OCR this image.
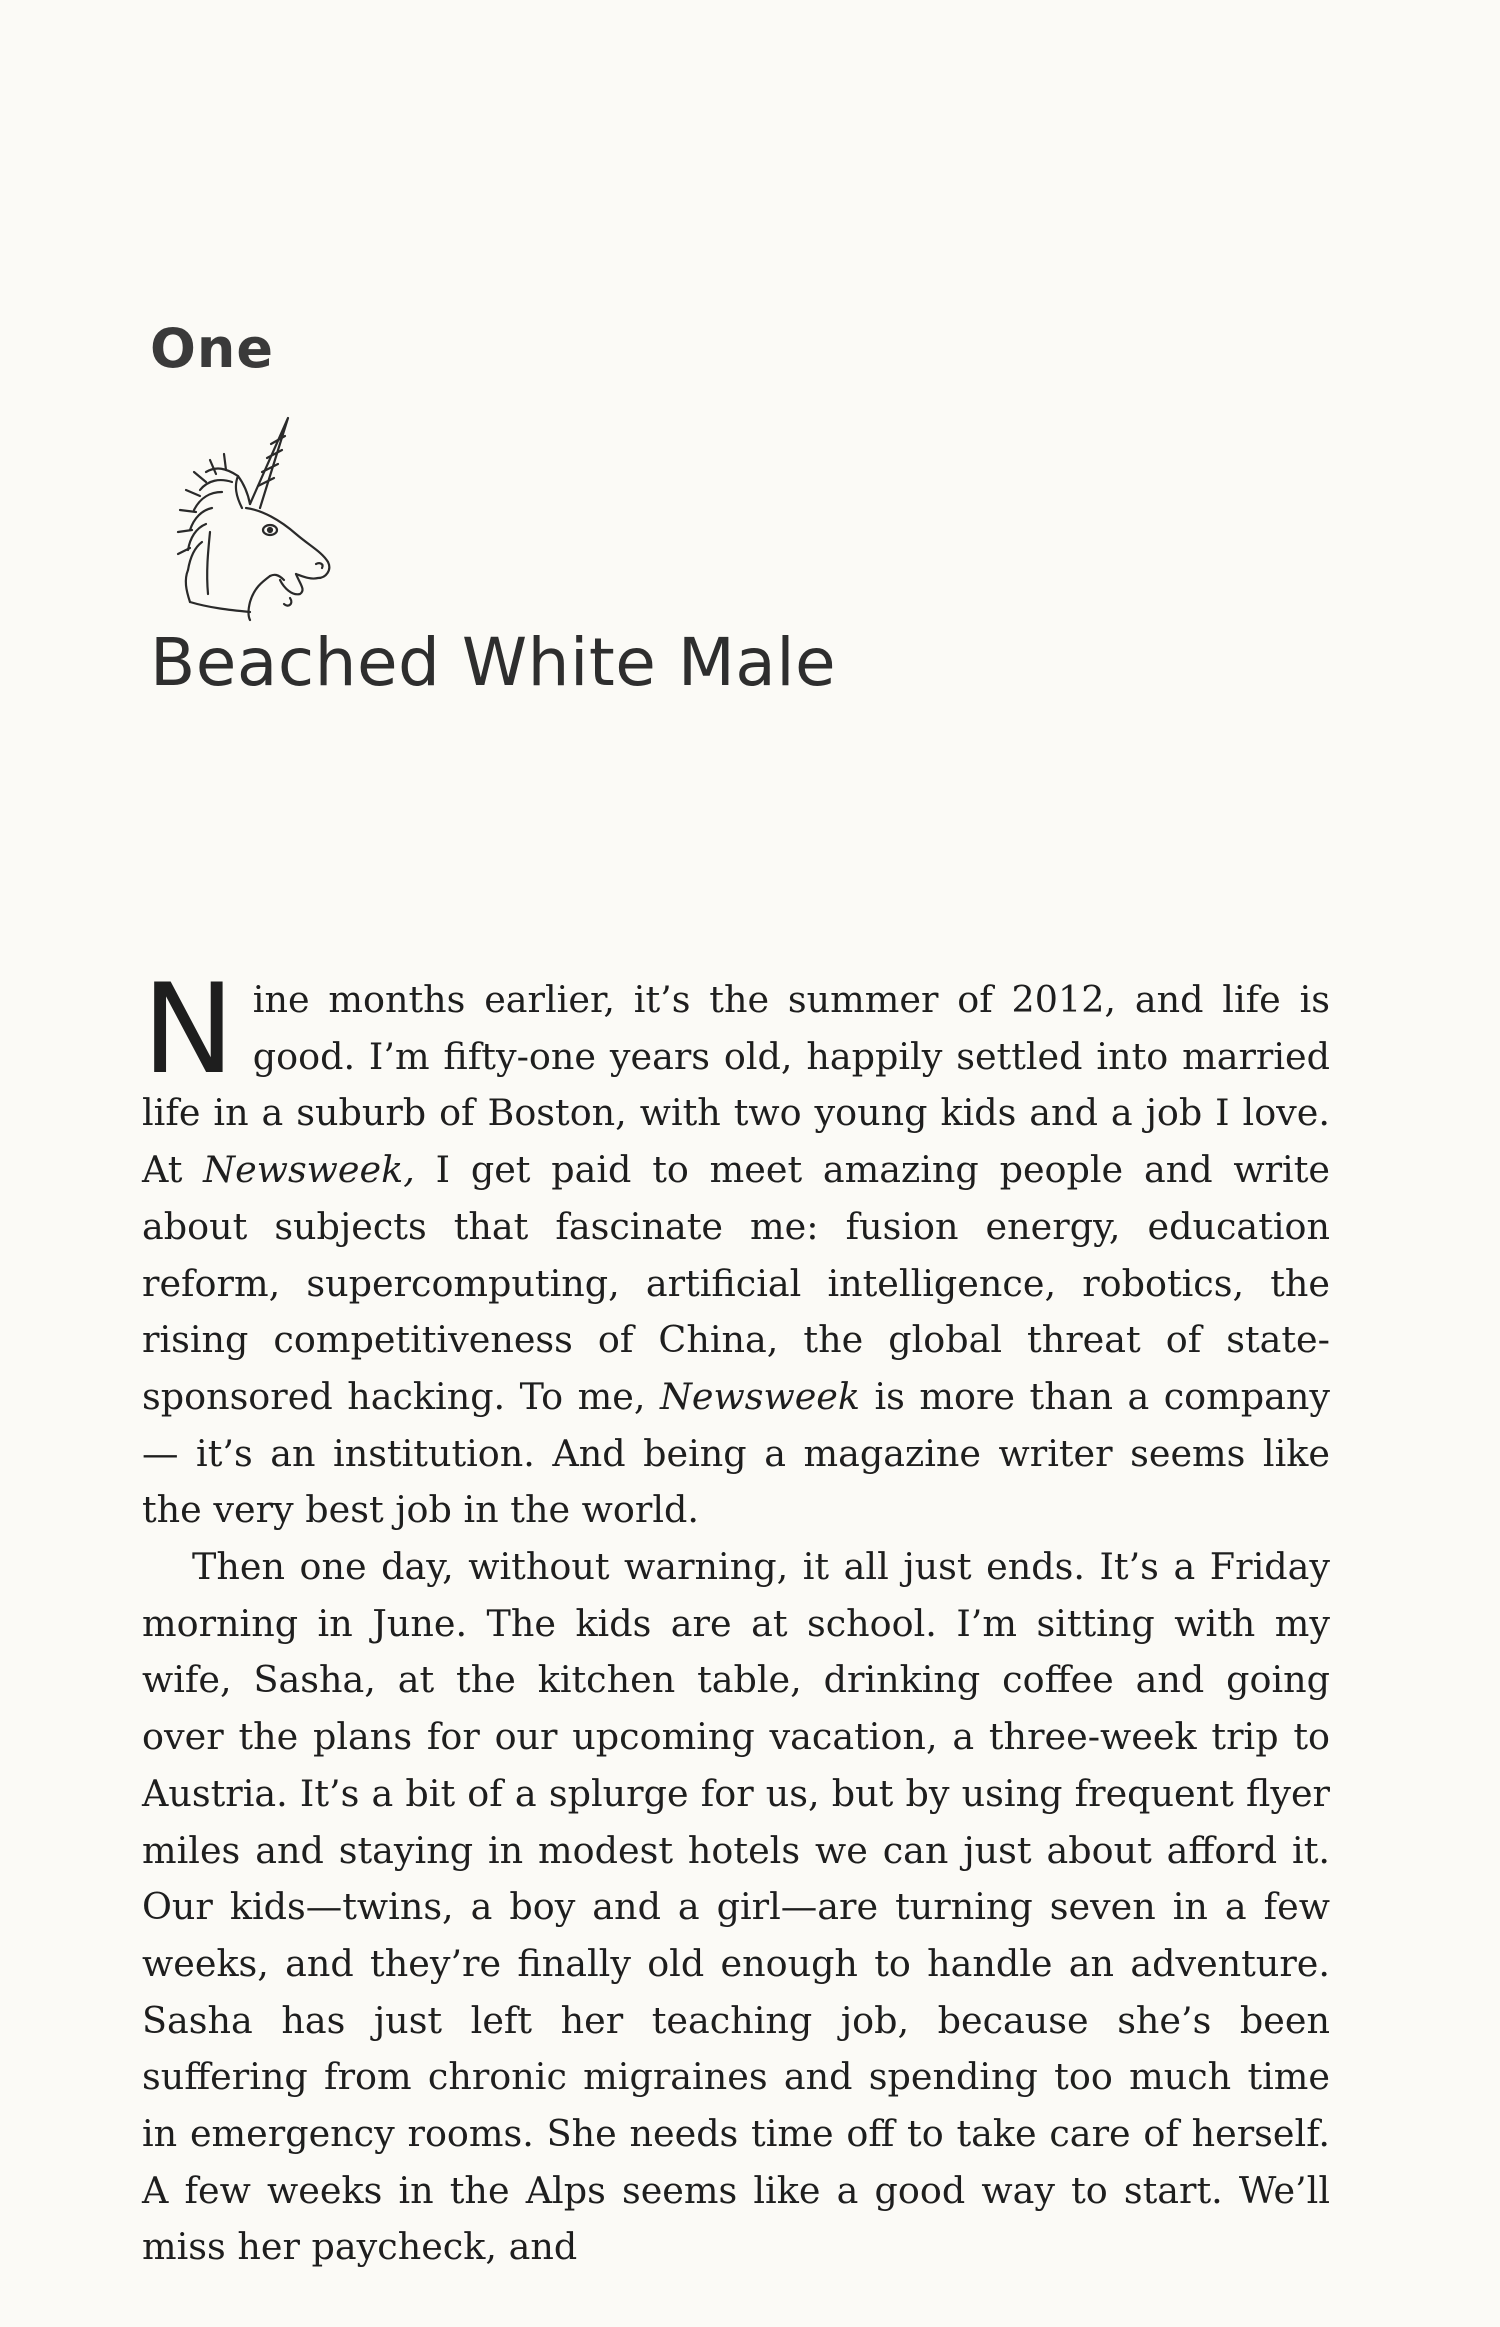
One
Beached White Male

Nine months earlier, it’s the summer of 2012, and life is good. I’m fifty-one years old, happily settled into married life in a suburb of Boston, with two young kids and a job I love. At Newsweek, I get paid to meet amazing people and write about subjects that fascinate me: fusion energy, education reform, supercomputing, artificial intelligence, robotics, the rising competitiveness of China, the global threat of state-sponsored hacking. To me, Newsweek is more than a company— it’s an institution. And being a magazine writer seems like the very best job in the world.

Then one day, without warning, it all just ends. It’s a Friday morning in June. The kids are at school. I’m sitting with my wife, Sasha, at the kitchen table, drinking coffee and going over the plans for our upcoming vacation, a three-week trip to Austria. It’s a bit of a splurge for us, but by using frequent flyer miles and staying in modest hotels we can just about afford it. Our kids—twins, a boy and a girl—are turning seven in a few weeks, and they’re finally old enough to handle an adventure. Sasha has just left her teaching job, because she’s been suffering from chronic migraines and spending too much time in emergency rooms. She needs time off to take care of herself. A few weeks in the Alps seems like a good way to start. We’ll miss her paycheck, and
